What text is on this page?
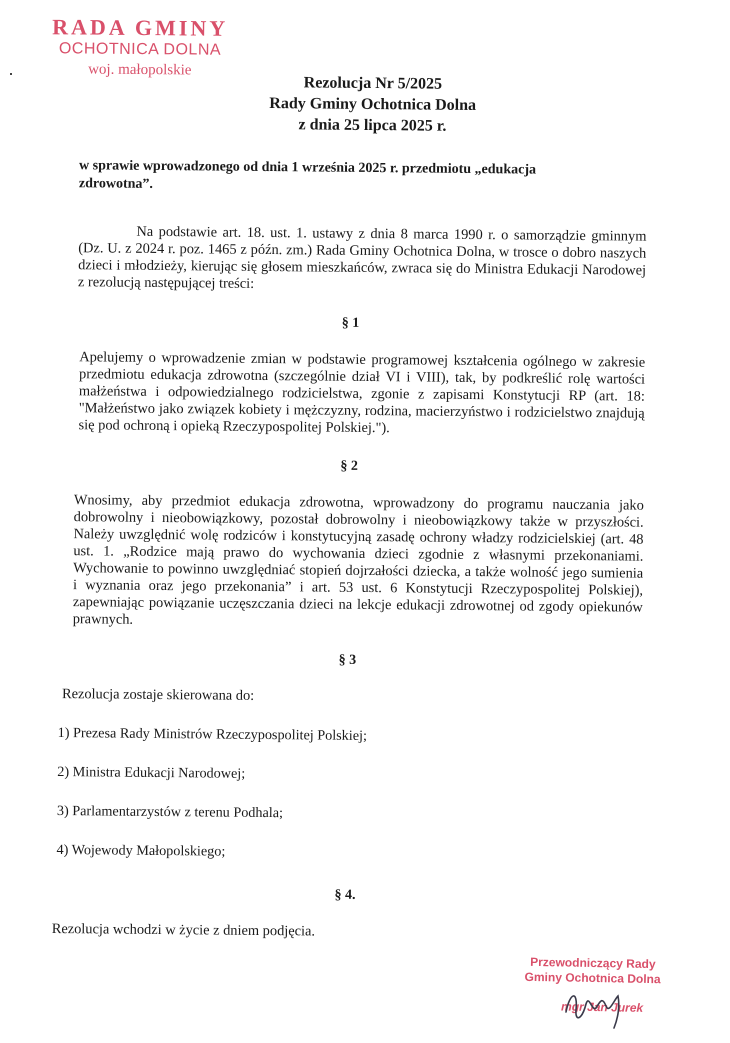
RADA GMINY
OCHOTNICA DOLNA
woj. małopolskie
Rezolucja Nr 5/2025
Rady Gminy Ochotnica Dolna
z dnia 25 lipca 2025 r.
w sprawie wprowadzonego od dnia 1 września 2025 r. przedmiotu „edukacja zdrowotna”.

Na podstawie art. 18. ust. 1. ustawy z dnia 8 marca 1990 r. o samorządzie gminnym (Dz. U. z 2024 r. poz. 1465 z późn. zm.) Rada Gminy Ochotnica Dolna, w trosce o dobro naszych dzieci i młodzieży, kierując się głosem mieszkańców, zwraca się do Ministra Edukacji Narodowej z rezolucją następującej treści:

§ 1

Apelujemy o wprowadzenie zmian w podstawie programowej kształcenia ogólnego w zakresie przedmiotu edukacja zdrowotna (szczególnie dział VI i VIII), tak, by podkreślić rolę wartości małżeństwa i odpowiedzialnego rodzicielstwa, zgonie z zapisami Konstytucji RP (art. 18: "Małżeństwo jako związek kobiety i mężczyzny, rodzina, macierzyństwo i rodzicielstwo znajdują się pod ochroną i opieką Rzeczypospolitej Polskiej.").

§ 2

Wnosimy, aby przedmiot edukacja zdrowotna, wprowadzony do programu nauczania jako dobrowolny i nieobowiązkowy, pozostał dobrowolny i nieobowiązkowy także w przyszłości. Należy uwzględnić wolę rodziców i konstytucyjną zasadę ochrony władzy rodzicielskiej (art. 48 ust. 1. „Rodzice mają prawo do wychowania dzieci zgodnie z własnymi przekonaniami. Wychowanie to powinno uwzględniać stopień dojrzałości dziecka, a także wolność jego sumienia i wyznania oraz jego przekonania” i art. 53 ust. 6 Konstytucji Rzeczypospolitej Polskiej), zapewniając powiązanie uczęszczania dzieci na lekcje edukacji zdrowotnej od zgody opiekunów prawnych.

§ 3

Rezolucja zostaje skierowana do:

1) Prezesa Rady Ministrów Rzeczypospolitej Polskiej;

2) Ministra Edukacji Narodowej;

3) Parlamentarzystów z terenu Podhala;

4) Wojewody Małopolskiego;

§ 4.

Rezolucja wchodzi w życie z dniem podjęcia.

Przewodniczący Rady
Gminy Ochotnica Dolna
mgr Jan Jurek
